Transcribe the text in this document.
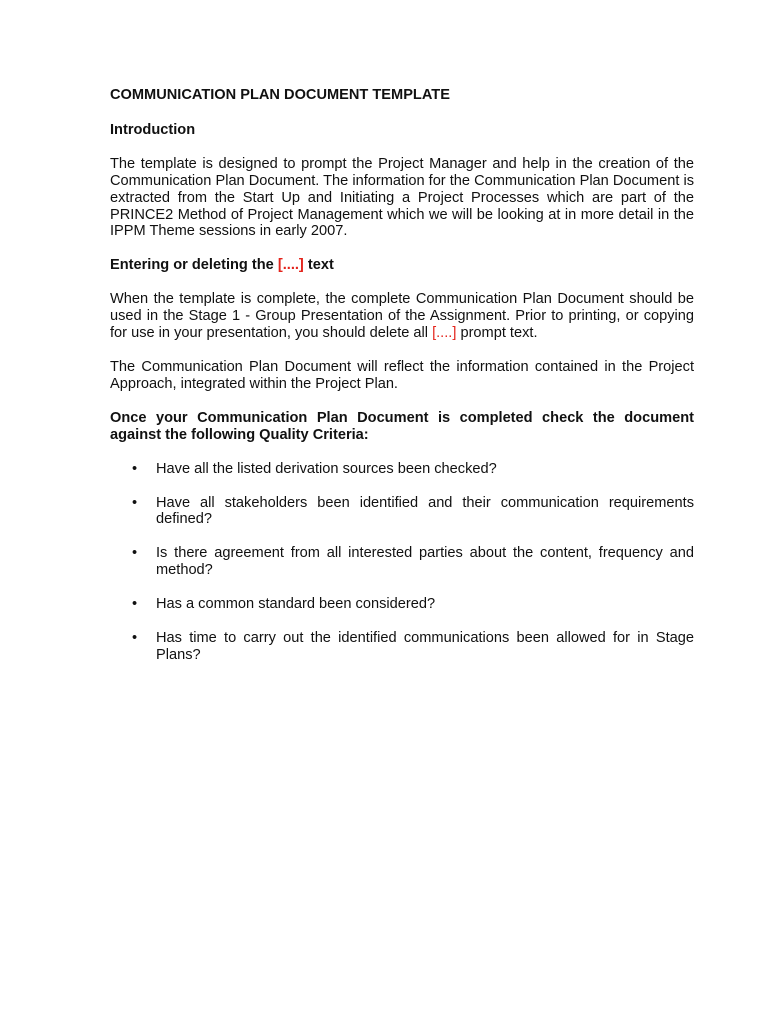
COMMUNICATION PLAN DOCUMENT TEMPLATE
Introduction
The template is designed to prompt the Project Manager and help in the creation of the Communication Plan Document. The information for the Communication Plan Document is extracted from the Start Up and Initiating a Project Processes which are part of the PRINCE2 Method of Project Management which we will be looking at in more detail in the IPPM Theme sessions in early 2007.
Entering or deleting the [....] text
When the template is complete, the complete Communication Plan Document should be used in the Stage 1 - Group Presentation of the Assignment. Prior to printing, or copying for use in your presentation, you should delete all [....] prompt text.
The Communication Plan Document will reflect the information contained in the Project Approach, integrated within the Project Plan.
Once your Communication Plan Document is completed check the document against the following Quality Criteria:
• Have all the listed derivation sources been checked?
• Have all stakeholders been identified and their communication requirements defined?
• Is there agreement from all interested parties about the content, frequency and method?
• Has a common standard been considered?
• Has time to carry out the identified communications been allowed for in Stage Plans?
